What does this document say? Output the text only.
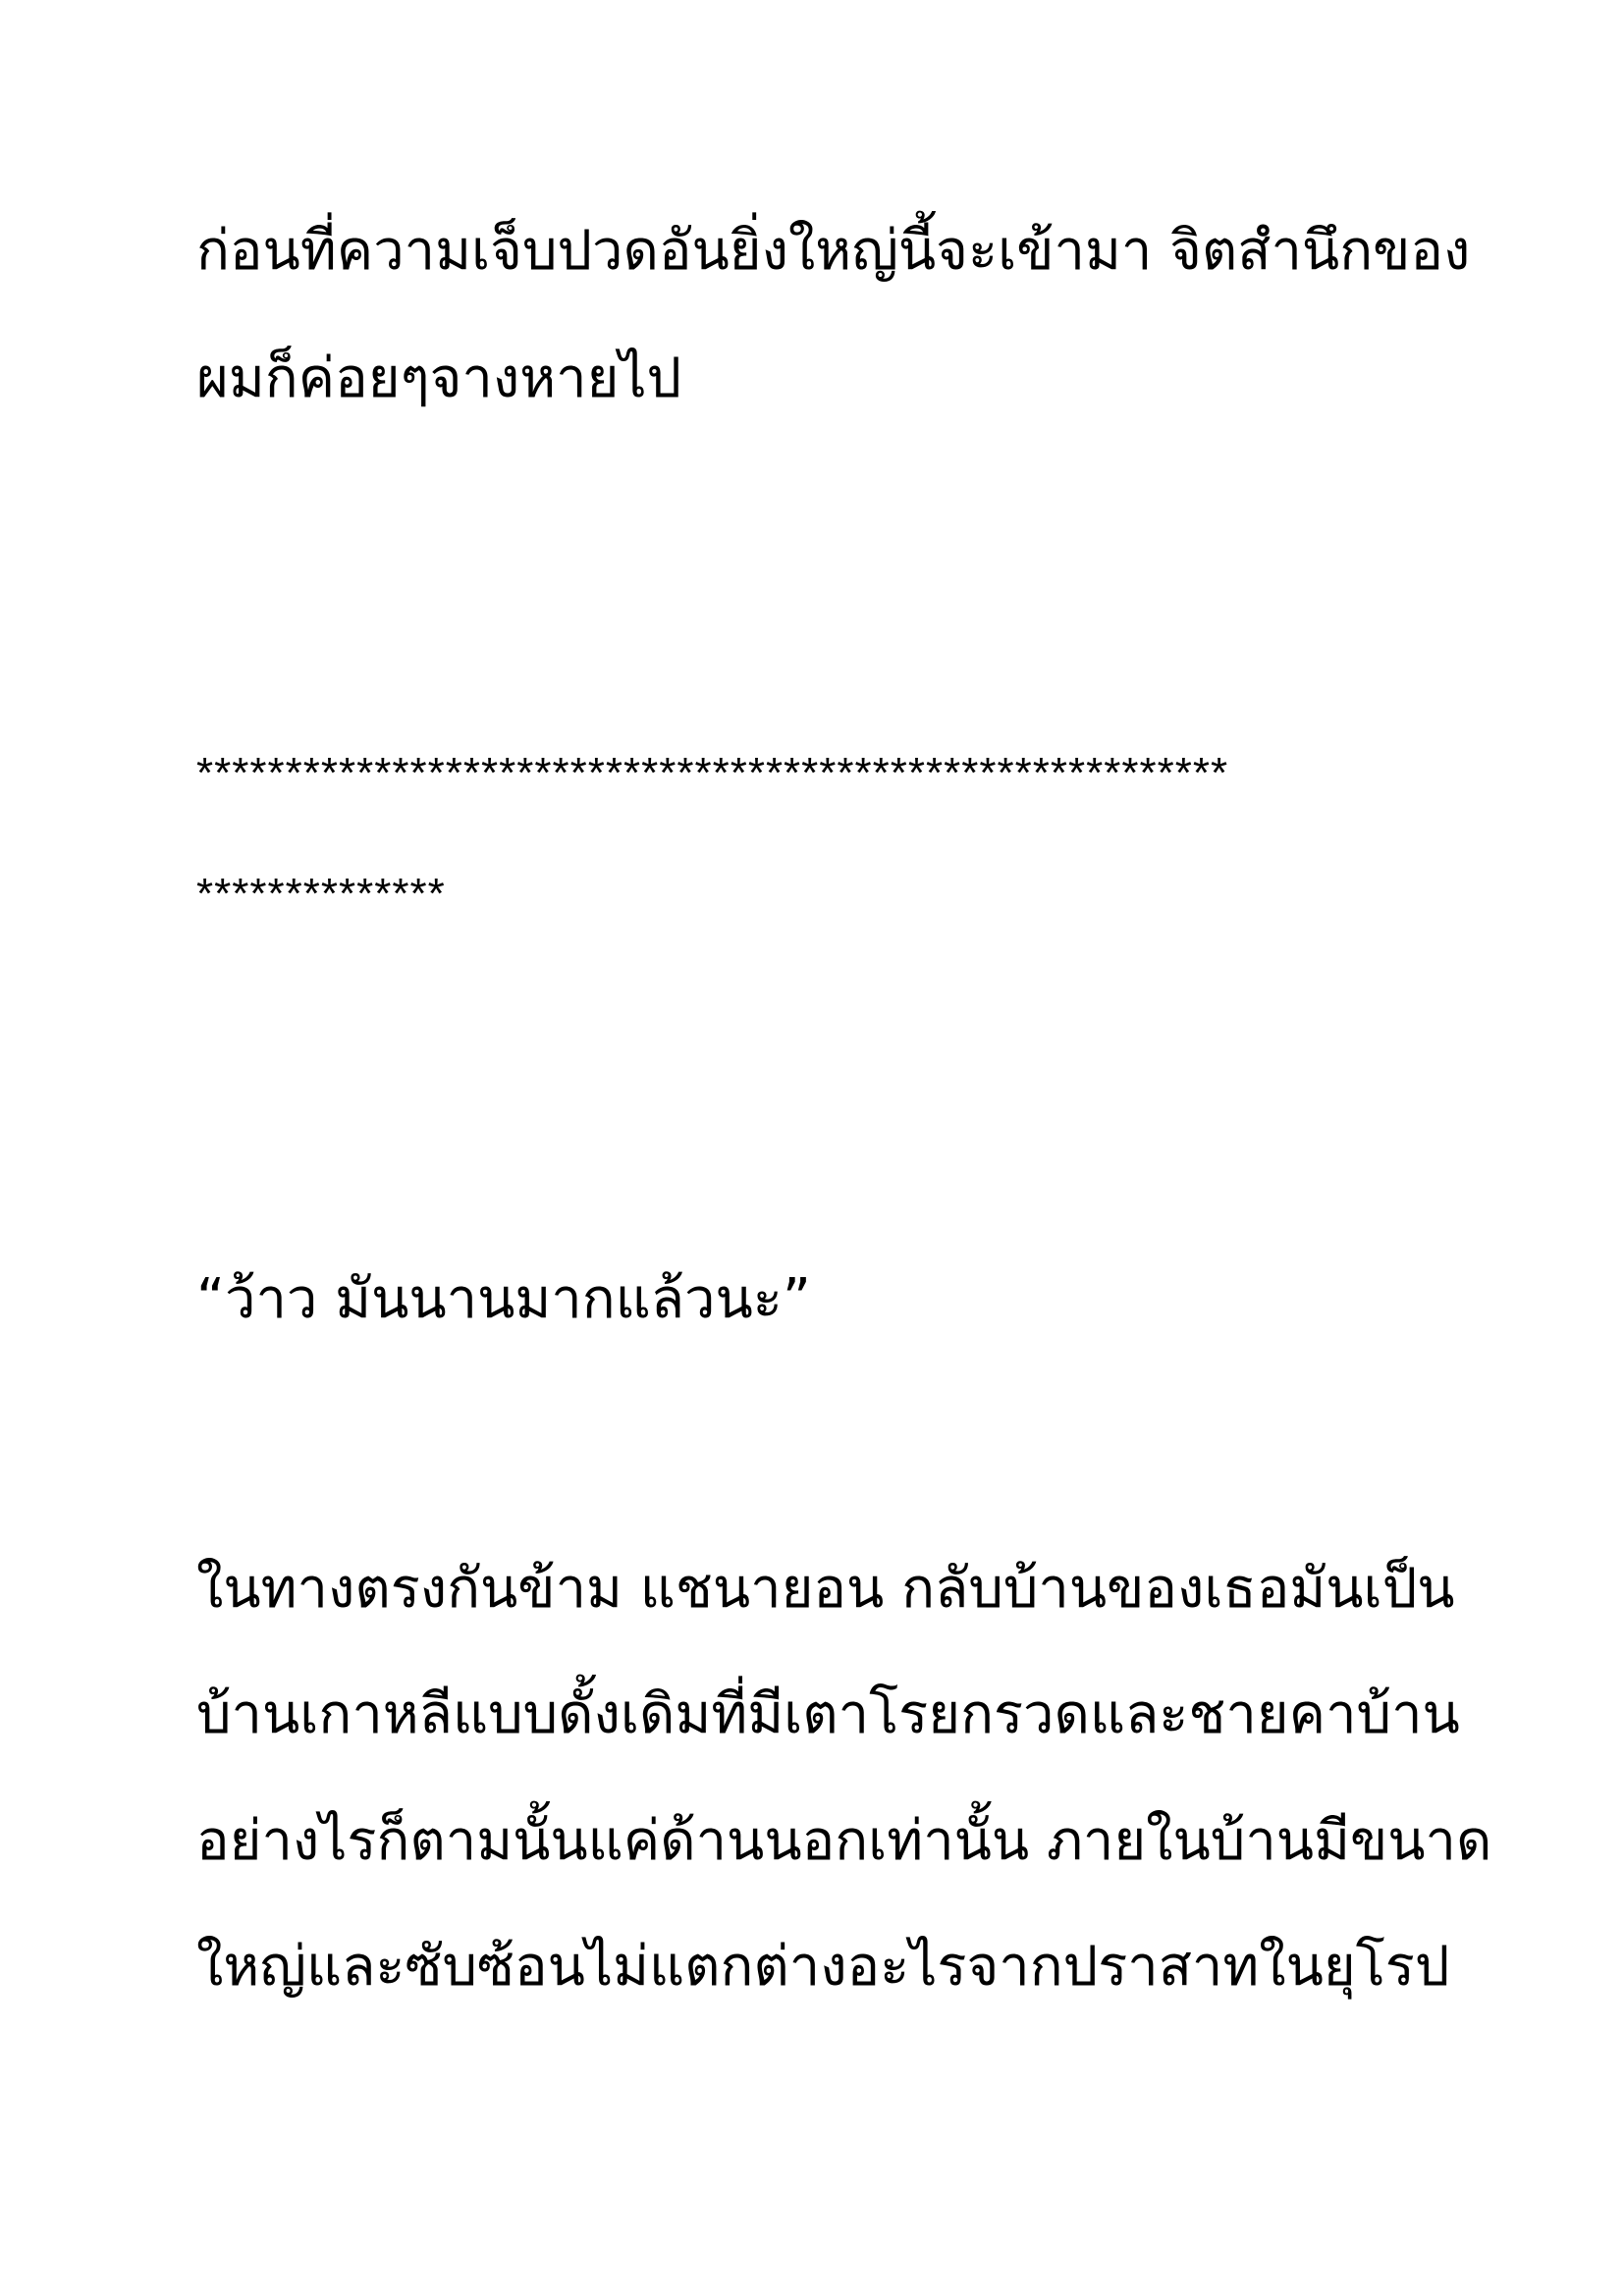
ก่อนที่ความเจ็บปวดอันยิ่งใหญ่นี้จะเข้ามา จิตสำนึกของ

ผมก็ค่อยๆจางหายไป

**********************************************************

**************

“ว้าว มันนานมากแล้วนะ”

ในทางตรงกันข้าม แชนายอน กลับบ้านของเธอมันเป็น

บ้านเกาหลีแบบดั้งเดิมที่มีเตาโรยกรวดและชายคาบ้าน

อย่างไรก็ตามนั้นแค่ด้านนอกเท่านั้น ภายในบ้านมีขนาด

ใหญ่และซับซ้อนไม่แตกต่างอะไรจากปราสาทในยุโรป
